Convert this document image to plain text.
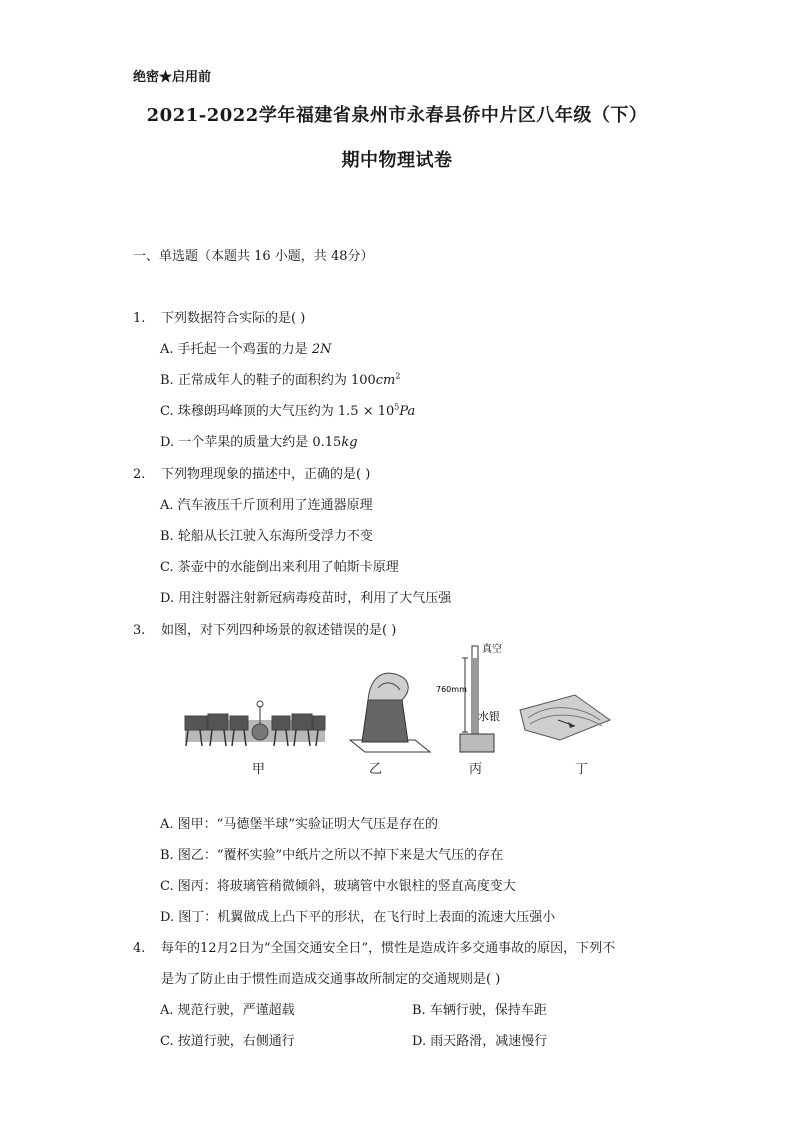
绝密★启用前
2021-2022学年福建省泉州市永春县侨中片区八年级（下）
期中物理试卷
一、单选题（本题共 16 小题，共 48分）
1. 下列数据符合实际的是( )
A. 手托起一个鸡蛋的力是 2N
B. 正常成年人的鞋子的面积约为 $100cm^2$
C. 珠穆朗玛峰顶的大气压约为 $1.5 \times 10^5Pa$
D. 一个苹果的质量大约是 0.15kg
2. 下列物理现象的描述中，正确的是( )
A. 汽车液压千斤顶利用了连通器原理
B. 轮船从长江驶入东海所受浮力不变
C. 茶壶中的水能倒出来利用了帕斯卡原理
D. 用注射器注射新冠病毒疫苗时，利用了大气压强
3. 如图，对下列四种场景的叙述错误的是( )
真空
760mm
水银
甲	乙	丙	丁
A. 图甲：“马德堡半球”实验证明大气压是存在的
B. 图乙：“覆杯实验”中纸片之所以不掉下来是大气压的存在
C. 图丙：将玻璃管稍微倾斜，玻璃管中水银柱的竖直高度变大
D. 图丁：机翼做成上凸下平的形状，在飞行时上表面的流速大压强小
4. 每年的12月2日为“全国交通安全日”，惯性是造成许多交通事故的原因，下列不
是为了防止由于惯性而造成交通事故所制定的交通规则是( )
A. 规范行驶，严谨超载	B. 车辆行驶，保持车距
C. 按道行驶，右侧通行	D. 雨天路滑，减速慢行
